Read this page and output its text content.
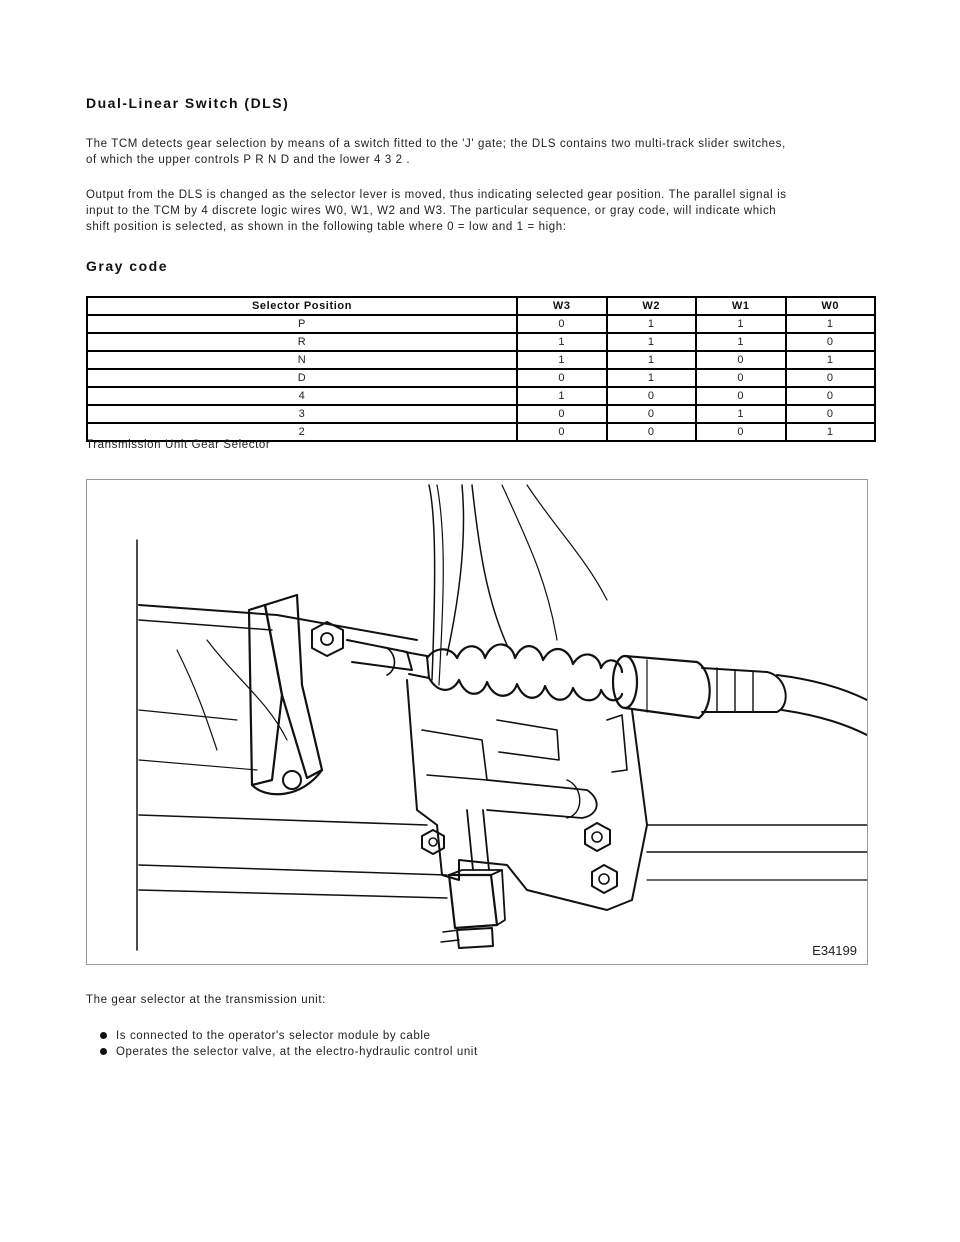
Dual-Linear Switch (DLS)

The TCM detects gear selection by means of a switch fitted to the 'J' gate; the DLS contains two multi-track slider switches,
of which the upper controls P R N D and the lower 4 3 2 .

Output from the DLS is changed as the selector lever is moved, thus indicating selected gear position. The parallel signal is
input to the TCM by 4 discrete logic wires W0, W1, W2 and W3. The particular sequence, or gray code, will indicate which
shift position is selected, as shown in the following table where 0 = low and 1 = high:

Gray code
Selector Position	W3	W2	W1	W0
P	0	1	1	1
R	1	1	1	0
N	1	1	0	1
D	0	1	0	0
4	1	0	0	0
3	0	0	1	0
2	0	0	0	1
Transmission Unit Gear Selector
E34199

The gear selector at the transmission unit:

Is connected to the operator's selector module by cable
Operates the selector valve, at the electro-hydraulic control unit
